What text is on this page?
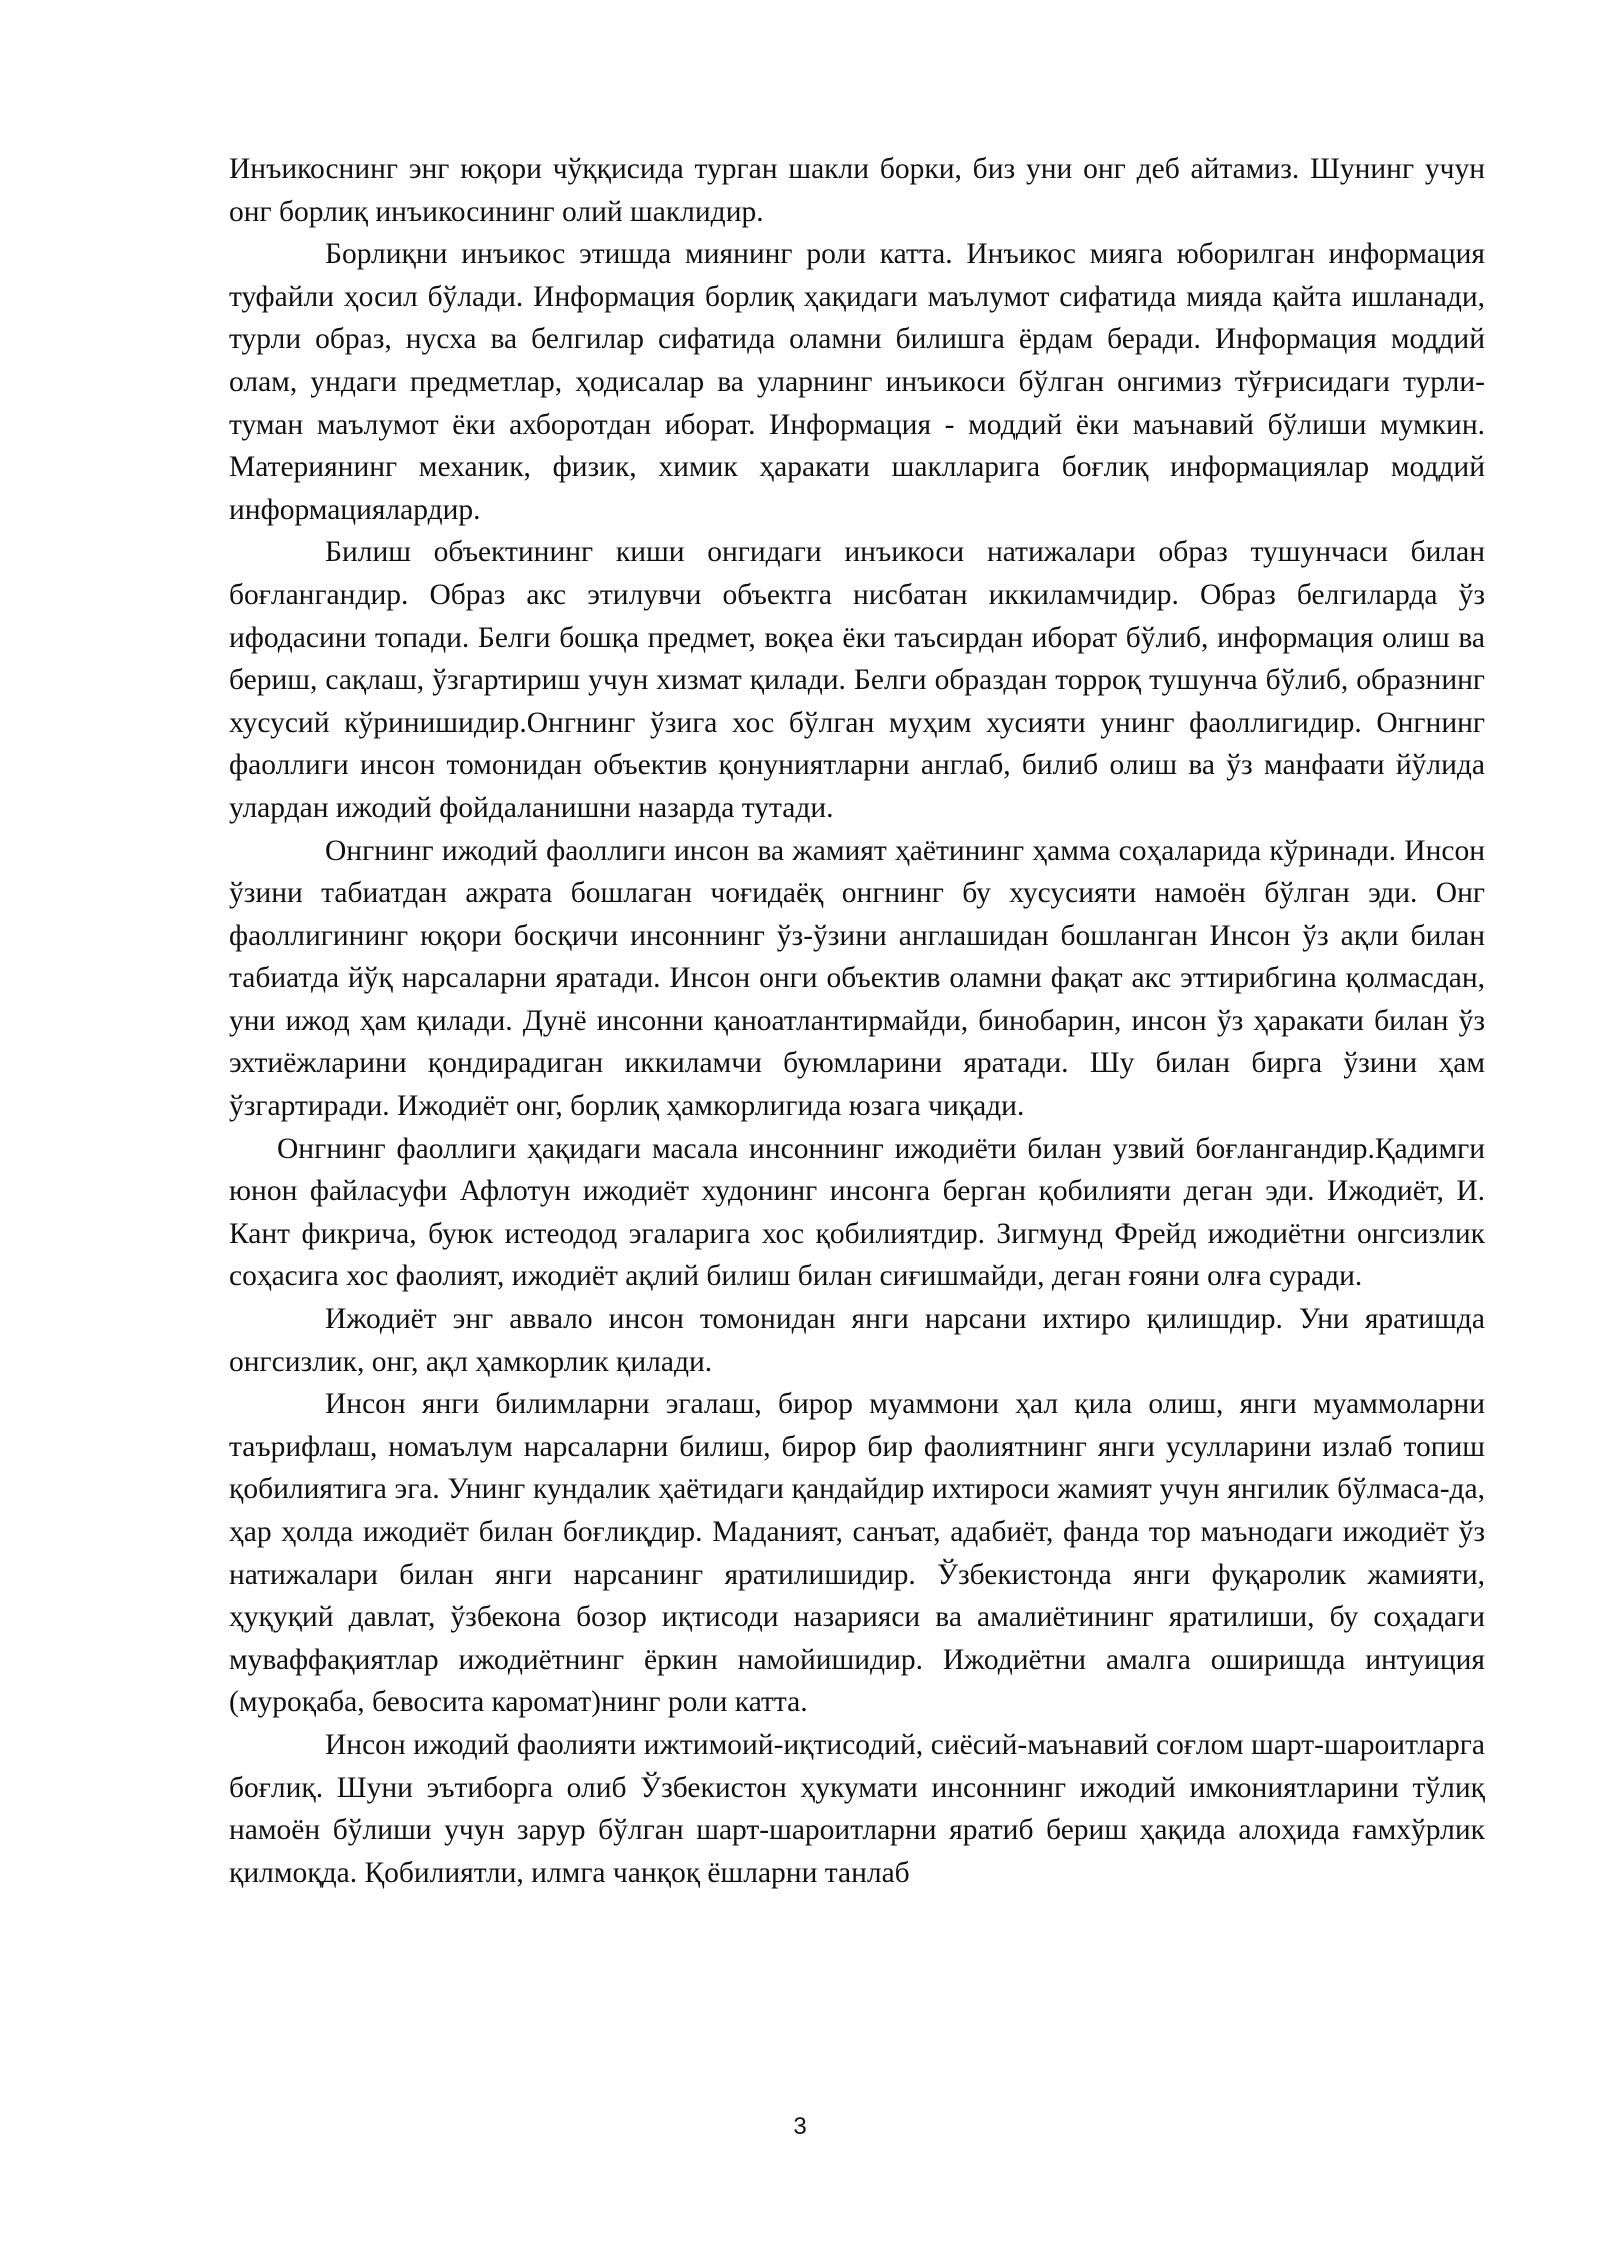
Инъикоснинг энг юқори чўққисида турган шакли борки, биз уни онг деб айтамиз. Шунинг учун онг борлиқ инъикосининг олий шаклидир.

Борлиқни инъикос этишда миянинг роли катта. Инъикос мияга юборилган информация туфайли ҳосил бўлади. Информация борлиқ ҳақидаги маълумот сифатида мияда қайта ишланади, турли образ, нусха ва белгилар сифатида оламни билишга ёрдам беради. Информация моддий олам, ундаги предметлар, ҳодисалар ва уларнинг инъикоси бўлган онгимиз тўғрисидаги турли-туман маълумот ёки ахборотдан иборат. Информация - моддий ёки маънавий бўлиши мумкин. Материянинг механик, физик, химик ҳаракати шаклларига боғлиқ информациялар моддий информациялардир.

Билиш объектининг киши онгидаги инъикоси натижалари образ тушунчаси билан боғлангандир. Образ акс этилувчи объектга нисбатан иккиламчидир. Образ белгиларда ўз ифодасини топади. Белги бошқа предмет, воқеа ёки таъсирдан иборат бўлиб, информация олиш ва бериш, сақлаш, ўзгартириш учун хизмат қилади. Белги образдан торроқ тушунча бўлиб, образнинг хусусий кўринишидир.Онгнинг ўзига хос бўлган муҳим хусияти унинг фаоллигидир. Онгнинг фаоллиги инсон томонидан объектив қонуниятларни англаб, билиб олиш ва ўз манфаати йўлида улардан ижодий фойдаланишни назарда тутади.

Онгнинг ижодий фаоллиги инсон ва жамият ҳаётининг ҳамма соҳаларида кўринади. Инсон ўзини табиатдан ажрата бошлаган чоғидаёқ онгнинг бу хусусияти намоён бўлган эди. Онг фаоллигининг юқори босқичи инсоннинг ўз-ўзини англашидан бошланган Инсон ўз ақли билан табиатда йўқ нарсаларни яратади. Инсон онги объектив оламни фақат акс эттирибгина қолмасдан, уни ижод ҳам қилади. Дунё инсонни қаноатлантирмайди, бинобарин, инсон ўз ҳаракати билан ўз эхтиёжларини қондирадиган иккиламчи буюмларини яратади. Шу билан бирга ўзини ҳам ўзгартиради. Ижодиёт онг, борлиқ ҳамкорлигида юзага чиқади.

Онгнинг фаоллиги ҳақидаги масала инсоннинг ижодиёти билан узвий боғлангандир.Қадимги юнон файласуфи Афлотун ижодиёт худонинг инсонга берган қобилияти деган эди. Ижодиёт, И. Кант фикрича, буюк истеодод эгаларига хос қобилиятдир. Зигмунд Фрейд ижодиётни онгсизлик соҳасига хос фаолият, ижодиёт ақлий билиш билан сиғишмайди, деган ғояни олға суради.

Ижодиёт энг аввало инсон томонидан янги нарсани ихтиро қилишдир. Уни яратишда онгсизлик, онг, ақл ҳамкорлик қилади.

Инсон янги билимларни эгалаш, бирор муаммони ҳал қила олиш, янги муаммоларни таърифлаш, номаълум нарсаларни билиш, бирор бир фаолиятнинг янги усулларини излаб топиш қобилиятига эга. Унинг кундалик ҳаётидаги қандайдир ихтироси жамият учун янгилик бўлмаса-да, ҳар ҳолда ижодиёт билан боғлиқдир. Маданият, санъат, адабиёт, фанда тор маънодаги ижодиёт ўз натижалари билан янги нарсанинг яратилишидир. Ўзбекистонда янги фуқаролик жамияти, ҳуқуқий давлат, ўзбекона бозор иқтисоди назарияси ва амалиётининг яратилиши, бу соҳадаги муваффақиятлар ижодиётнинг ёркин намойишидир. Ижодиётни амалга оширишда интуиция (муроқаба, бевосита каромат)нинг роли катта.

Инсон ижодий фаолияти ижтимоий-иқтисодий, сиёсий-маънавий соғлом шарт-шароитларга боғлиқ. Шуни эътиборга олиб Ўзбекистон ҳукумати инсоннинг ижодий имкониятларини тўлиқ намоён бўлиши учун зарур бўлган шарт-шароитларни яратиб бериш ҳақида алоҳида ғамхўрлик қилмоқда. Қобилиятли, илмга чанқоқ ёшларни танлаб

3
